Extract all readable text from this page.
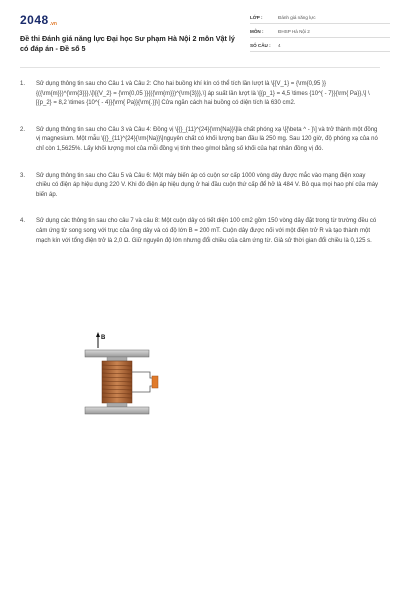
2048.vn
Đề thi Đánh giá năng lực Đại học Sư phạm Hà Nội 2 môn Vật lý có đáp án - Đề số 5
LỚP :	Đánh giá năng lực
MÔN :	ĐHSP Hà Nội 2
SỐ CÂU :	4
1.	Sử dụng thông tin sau cho Câu 1 và Câu 2: Cho hai buồng khí kín có thể tích lần lượt là \[{V_1} = {\rm{0,95 }}{({\rm{m}})^{\rm{3}}},\]\[{V_2} = {\rm{0,05 }}{({\rm{m}})^{\rm{3}}},\] áp suất lần lượt là \[{p_1} = 4,5 \times {10^{ - 7}}{\rm{ Pa}},\] \[{p_2} = 8,2 \times {10^{ - 4}}{\rm{ Pa}}{\rm{.}}\] Cửa ngăn cách hai buồng có diện tích là 630 cm2.
2.	Sử dụng thông tin sau cho Câu 3 và Câu 4: Đồng vị \[{}_{11}^{24}{\rm{Na}}\]là chất phóng xạ \[{\beta ^ - }\] và trở thành một đồng vị magnesium. Một mẫu \[{}_{11}^{24}{\rm{Na}}\]nguyên chất có khối lượng ban đầu là 250 mg. Sau 120 giờ, độ phóng xạ của nó chỉ còn 1,5625%. Lấy khối lượng mol của mỗi đồng vị tính theo g/mol bằng số khối của hạt nhân đồng vị đó.
3.	Sử dụng thông tin sau cho Câu 5 và Câu 6: Một máy biến áp có cuộn sơ cấp 1000 vòng dây được mắc vào mạng điện xoay chiều có điện áp hiệu dụng 220 V. Khi đó điện áp hiệu dụng ở hai đầu cuộn thứ cấp để hở là 484 V. Bỏ qua mọi hao phí của máy biến áp.
4.	Sử dụng các thông tin sau cho câu 7 và câu 8: Một cuộn dây có tiết diện 100 cm2 gồm 150 vòng dây đặt trong từ trường đều có cảm ứng từ song song với trục của ống dây và có độ lớn B = 200 mT. Cuộn dây được nối với một điện trở R và tạo thành một mạch kín với tổng điện trở là 2,0 Ω. Giữ nguyên độ lớn nhưng đổi chiều của cảm ứng từ. Giả sử thời gian đổi chiều là 0,125 s.
B
